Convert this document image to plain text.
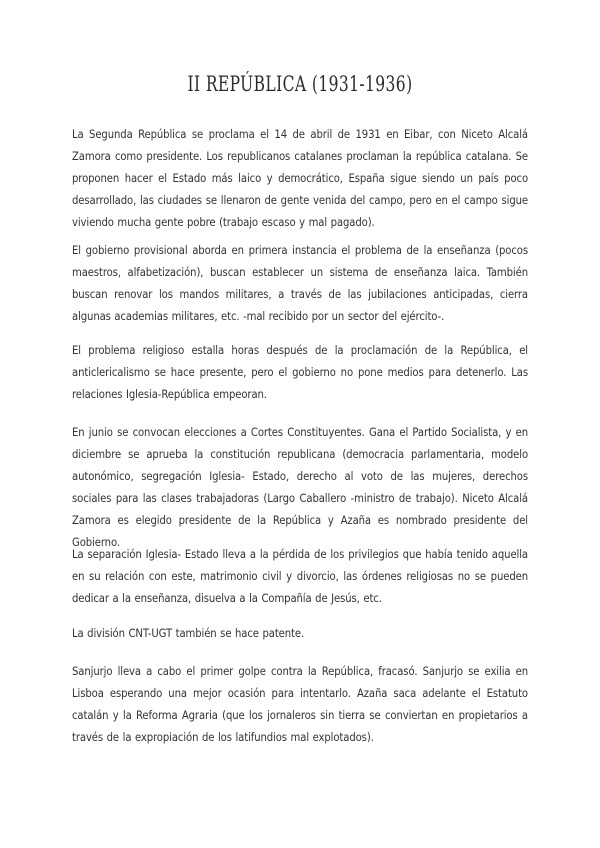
II REPÚBLICA (1931-1936)

La Segunda República se proclama el 14 de abril de 1931 en Eibar, con Niceto Alcalá Zamora como presidente. Los republicanos catalanes proclaman la república catalana. Se proponen hacer el Estado más laico y democrático, España sigue siendo un país poco desarrollado, las ciudades se llenaron de gente venida del campo, pero en el campo sigue viviendo mucha gente pobre (trabajo escaso y mal pagado).

El gobierno provisional aborda en primera instancia el problema de la enseñanza (pocos maestros, alfabetización), buscan establecer un sistema de enseñanza laica. También buscan renovar los mandos militares, a través de las jubilaciones anticipadas, cierra algunas academias militares, etc. -mal recibido por un sector del ejército-.

El problema religioso estalla horas después de la proclamación de la República, el anticlericalismo se hace presente, pero el gobierno no pone medios para detenerlo. Las relaciones Iglesia-República empeoran.

En junio se convocan elecciones a Cortes Constituyentes. Gana el Partido Socialista, y en diciembre se aprueba la constitución republicana (democracia parlamentaria, modelo autonómico, segregación Iglesia- Estado, derecho al voto de las mujeres, derechos sociales para las clases trabajadoras (Largo Caballero -ministro de trabajo). Niceto Alcalá Zamora es elegido presidente de la República y Azaña es nombrado presidente del Gobierno.

La separación Iglesia- Estado lleva a la pérdida de los privilegios que había tenido aquella en su relación con este, matrimonio civil y divorcio, las órdenes religiosas no se pueden dedicar a la enseñanza, disuelva a la Compañía de Jesús, etc.

La división CNT-UGT también se hace patente.

Sanjurjo lleva a cabo el primer golpe contra la República, fracasó. Sanjurjo se exilia en Lisboa esperando una mejor ocasión para intentarlo. Azaña saca adelante el Estatuto catalán y la Reforma Agraria (que los jornaleros sin tierra se conviertan en propietarios a través de la expropiación de los latifundios mal explotados).
